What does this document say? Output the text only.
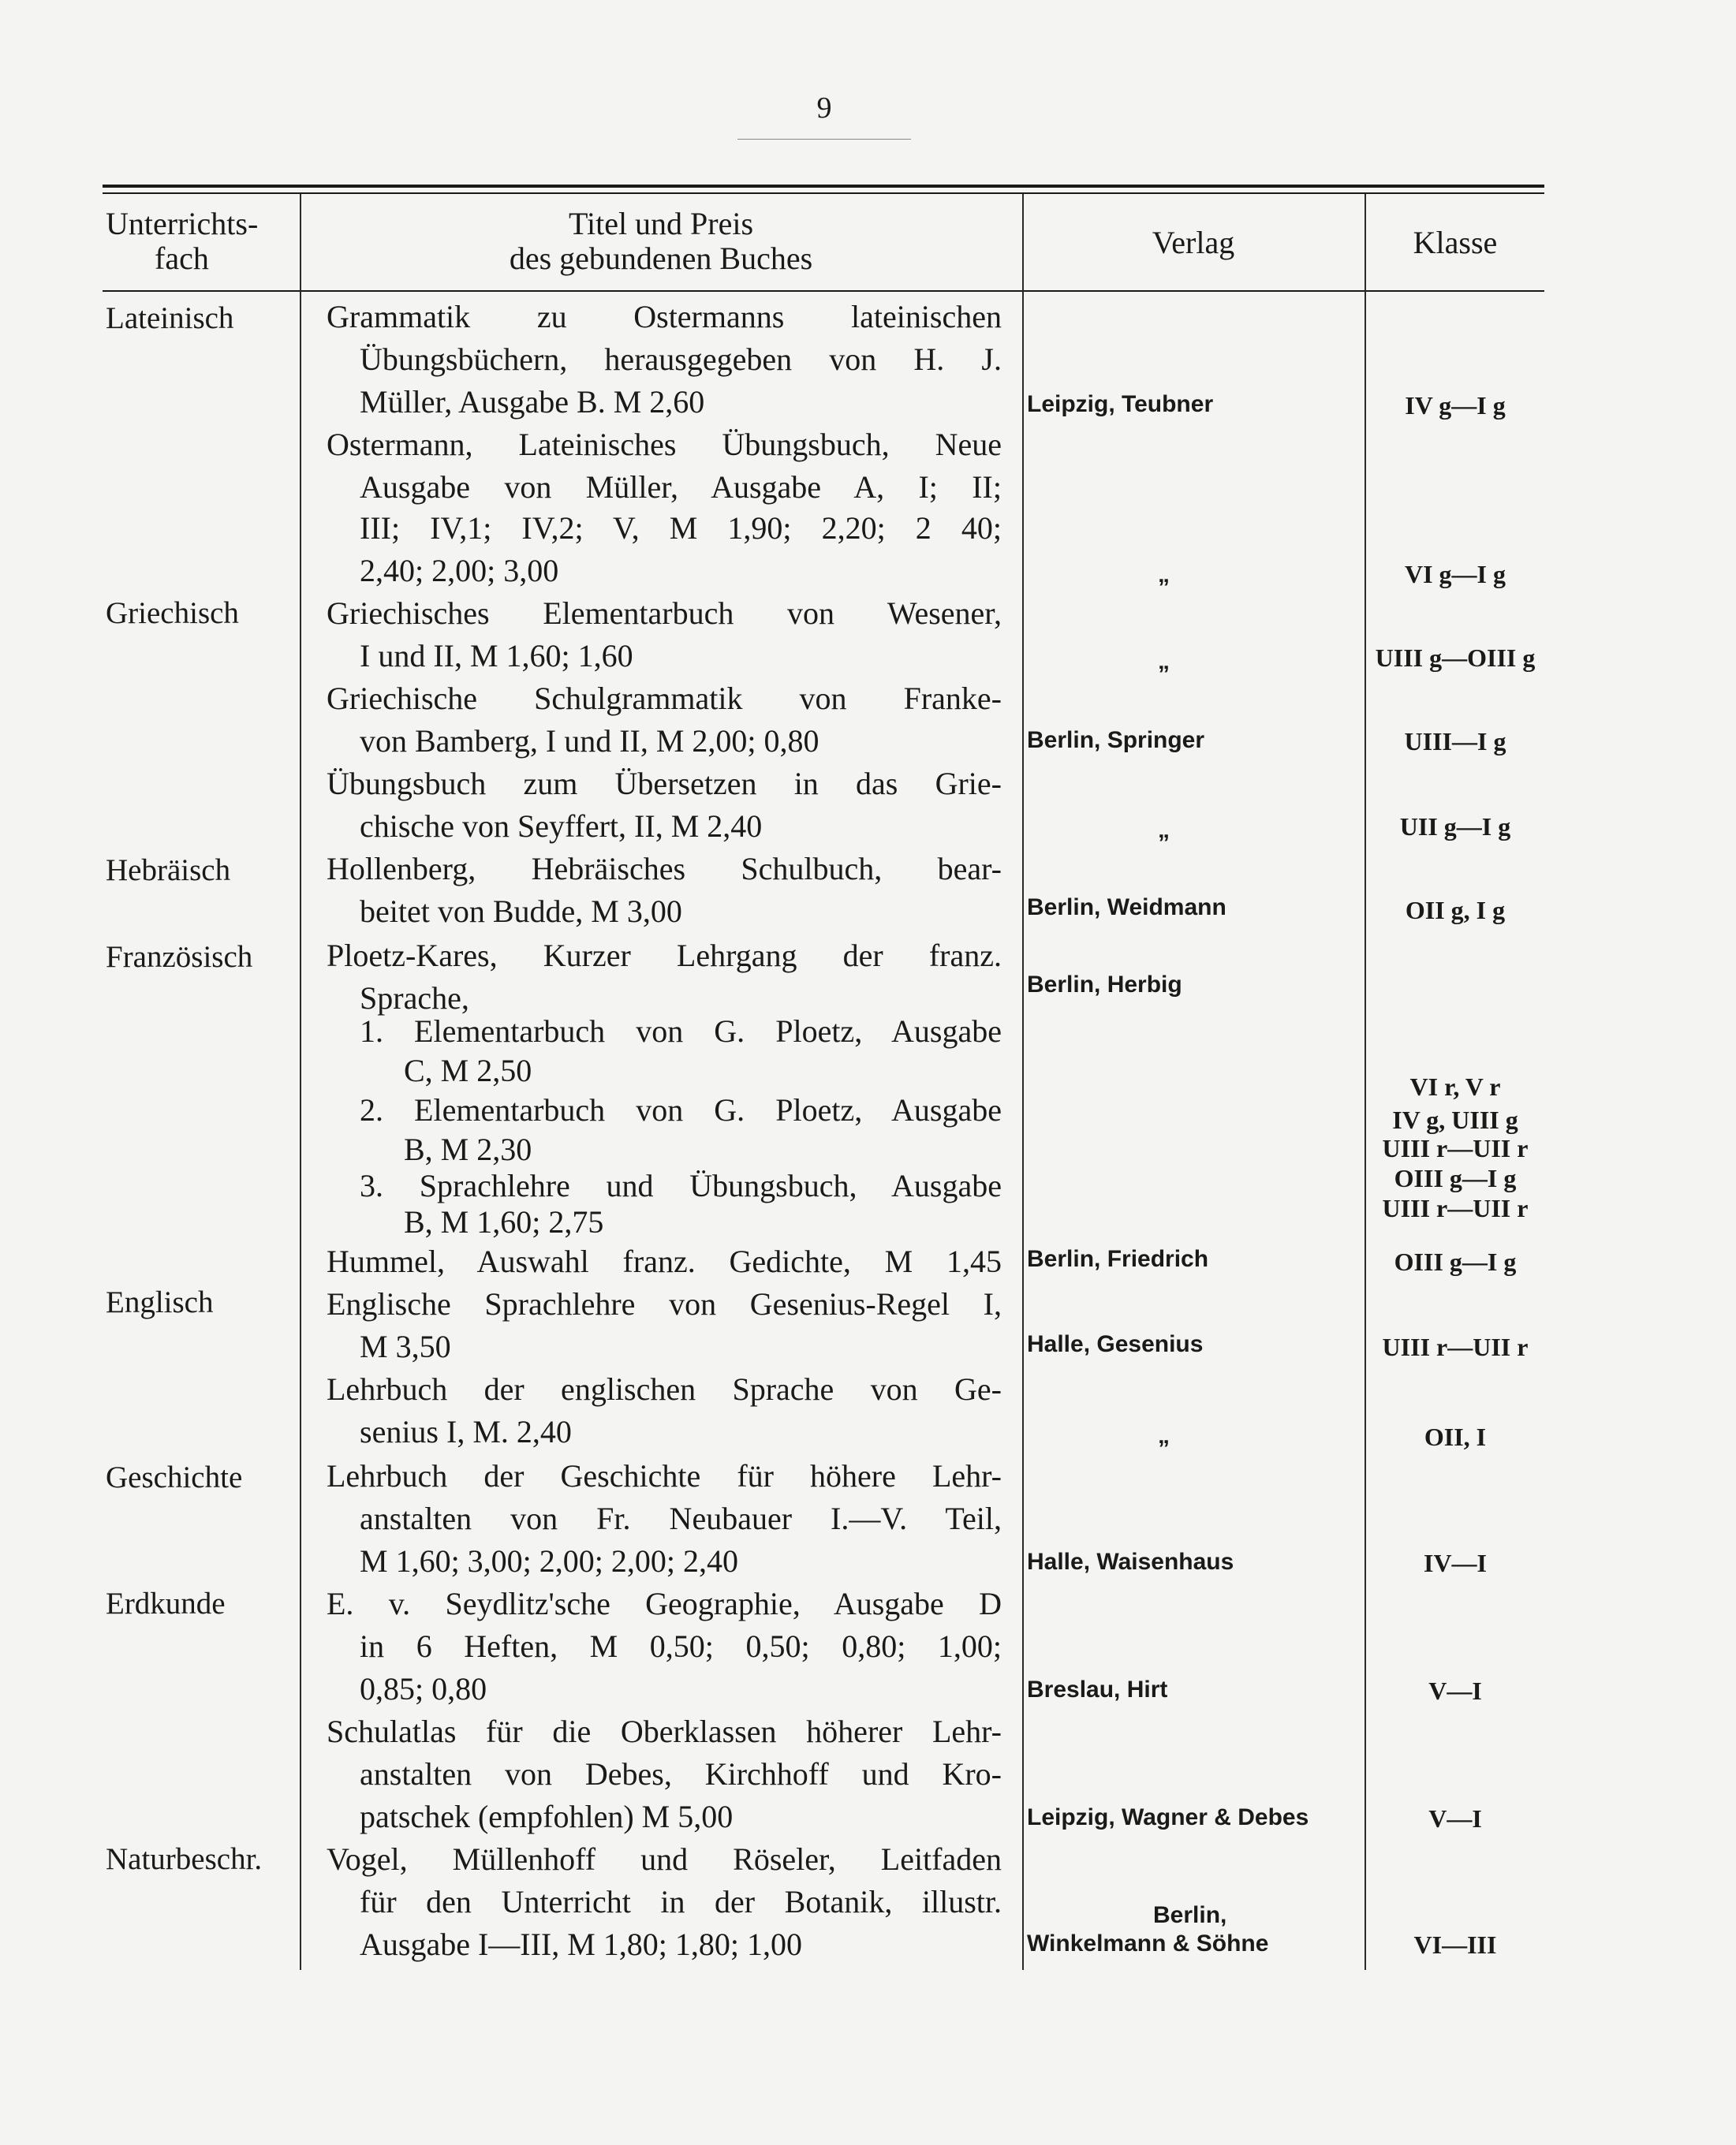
9
Unterrichts-
fach
Titel und Preis
des gebundenen Buches	Verlag	Klasse
Lateinisch
Griechisch
Hebräisch
Französisch
Englisch
Geschichte
Erdkunde
Naturbeschr.
Grammatik zu Ostermanns lateinischen
Übungsbüchern, herausgegeben von H. J.
Müller, Ausgabe B. M 2,60
Ostermann, Lateinisches Übungsbuch, Neue
Ausgabe von Müller, Ausgabe A, I; II;
III; IV,1; IV,2; V, M 1,90; 2,20; 2 40;
2,40; 2,00; 3,00
Griechisches Elementarbuch von Wesener,
I und II, M 1,60; 1,60
Griechische Schulgrammatik von Franke-
von Bamberg, I und II, M 2,00; 0,80
Übungsbuch zum Übersetzen in das Grie-
chische von Seyffert, II, M 2,40
Hollenberg, Hebräisches Schulbuch, bear-
beitet von Budde, M 3,00
Ploetz-Kares, Kurzer Lehrgang der franz.
Sprache,
1. Elementarbuch von G. Ploetz, Ausgabe
C, M 2,50
2. Elementarbuch von G. Ploetz, Ausgabe
B, M 2,30
3. Sprachlehre und Übungsbuch, Ausgabe
B, M 1,60; 2,75
Hummel, Auswahl franz. Gedichte, M 1,45
Englische Sprachlehre von Gesenius-Regel I,
M 3,50
Lehrbuch der englischen Sprache von Ge-
senius I, M. 2,40
Lehrbuch der Geschichte für höhere Lehr-
anstalten von Fr. Neubauer I.—V. Teil,
M 1,60; 3,00; 2,00; 2,00; 2,40
E. v. Seydlitz'sche Geographie, Ausgabe D
in 6 Heften, M 0,50; 0,50; 0,80; 1,00;
0,85; 0,80
Schulatlas für die Oberklassen höherer Lehr-
anstalten von Debes, Kirchhoff und Kro-
patschek (empfohlen) M 5,00
Vogel, Müllenhoff und Röseler, Leitfaden
für den Unterricht in der Botanik, illustr.
Ausgabe I—III, M 1,80; 1,80; 1,00
Leipzig, Teubner
„
„
Berlin, Springer
„
Berlin, Weidmann
Berlin, Herbig
Berlin, Friedrich
Halle, Gesenius
„
Halle, Waisenhaus
Breslau, Hirt
Leipzig, Wagner & Debes
Berlin,
Winkelmann & Söhne
IV g—I g
VI g—I g
UIII g—OIII g
UIII—I g
UII g—I g
OII g, I g
VI r, V r
IV g, UIII g
UIII r—UII r
OIII g—I g
UIII r—UII r
OIII g—I g
UIII r—UII r
OII, I
IV—I
V—I
V—I
VI—III
